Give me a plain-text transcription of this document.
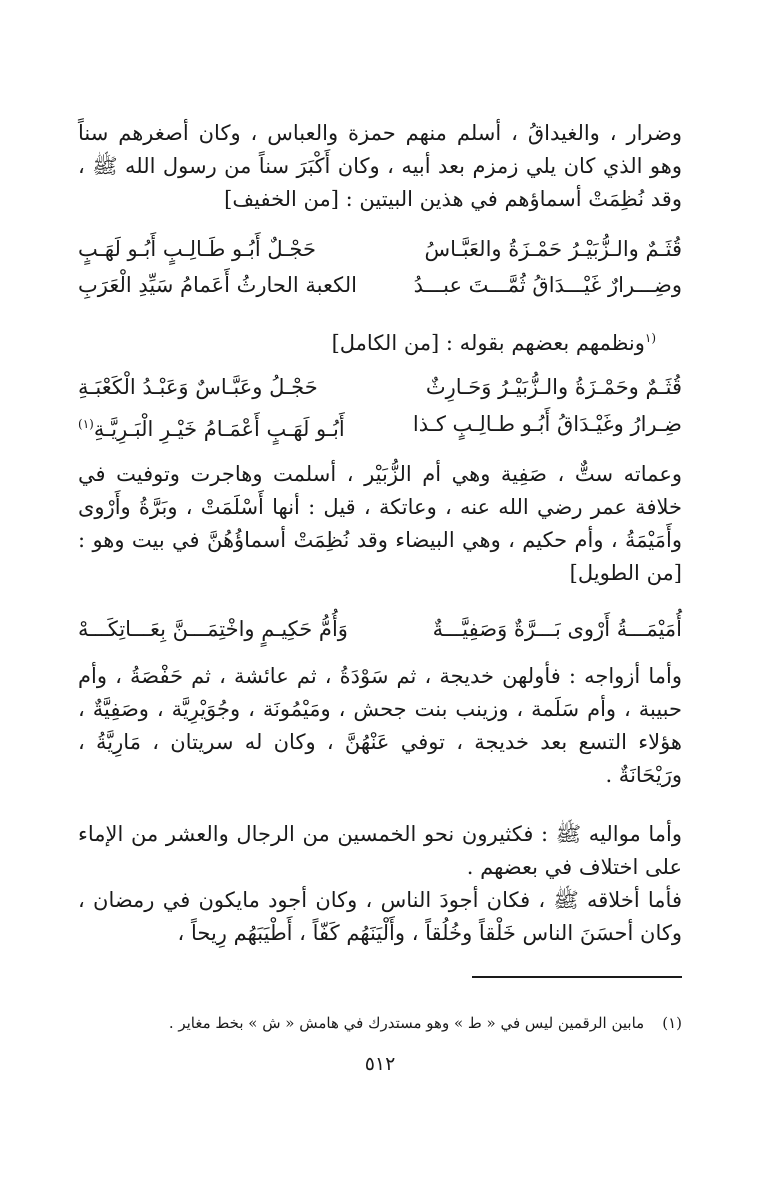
وضرار ، والغيداقُ ، أسلم منهم حمزة والعباس ، وكان أصغرهم سناً وهو الذي كان يلي زمزم بعد أبيه ، وكان أَكْبَرَ سناً من رسول الله ﷺ ، وقد نُظِمَتْ أسماؤهم في هذين البيتين : [من الخفيف]

قُثَـمٌ والـزُّبَيْـرُ حَمْـزَةُ والعَبَّـاسُ
حَجْـلٌ أَبُـو طَـالِـبٍ أَبُـو لَهَـبٍ
وضِـــرارٌ غَيْـــدَاقُ ثُمَّـــتَ عبـــدُ
الكعبة الحارثُ أَعَمامُ سَيِّدِ الْعَرَبِ

$^{(١}$ونظمهم بعضهم بقوله : [من الكامل]

قُثَـمٌ وحَمْـزَةُ والـزُّبَيْـرُ وَحَـارِثٌ
حَجْـلُ وعَبَّـاسٌ وَعَبْـدُ الْكَعْبَـةِ
ضِـرارُ وغَيْـدَاقُ أَبُـو طـالِـبٍ كـذا
أَبُـو لَهَـبٍ أَعْمَـامُ خَيْـرِ الْبَـرِيَّـةِ$^{(١)}$

وعماته ستٌّ ، صَفِية وهي أم الزُّبَيْر ، أسلمت وهاجرت وتوفيت في خلافة عمر رضي الله عنه ، وعاتكة ، قيل : أنها أَسْلَمَتْ ، وبَرَّةُ وأَرْوى وأَمَيْمَةُ ، وأم حكيم ، وهي البيضاء وقد نُظِمَتْ أسماؤُهُنَّ في بيت وهو : [من الطويل]

أُمَيْمَـــةُ أَرْوى بَـــرَّةٌ وَصَفِيَّـــةٌ
وَأُمُّ حَكِيـمٍ واخْتِمَـــنَّ بِعَـــاتِكَـــهْ

وأما أزواجه : فأولهن خديجة ، ثم سَوْدَةُ ، ثم عائشة ، ثم حَفْصَةُ ، وأم حبيبة ، وأم سَلَمة ، وزينب بنت جحش ، ومَيْمُونَة ، وجُوَيْرِيَّة ، وصَفِيَّةٌ ، هؤلاء التسع بعد خديجة ، توفي عَنْهُنَّ ، وكان له سريتان ، مَارِيَّةُ ، ورَيْحَانَةٌ .

وأما مواليه ﷺ : فكثيرون نحو الخمسين من الرجال والعشر من الإماء على اختلاف في بعضهم .

فأما أخلاقه ﷺ ، فكان أجودَ الناس ، وكان أجود مايكون في رمضان ، وكان أحسَنَ الناس خَلْقاً وخُلُقاً ، وأَلْيَنَهُم كَفّاً ، أَطْيَبَهُم رِيحاً ،

(١)مابين الرقمين ليس في « ط » وهو مستدرك في هامش « ش » بخط مغاير .

٥١٢
